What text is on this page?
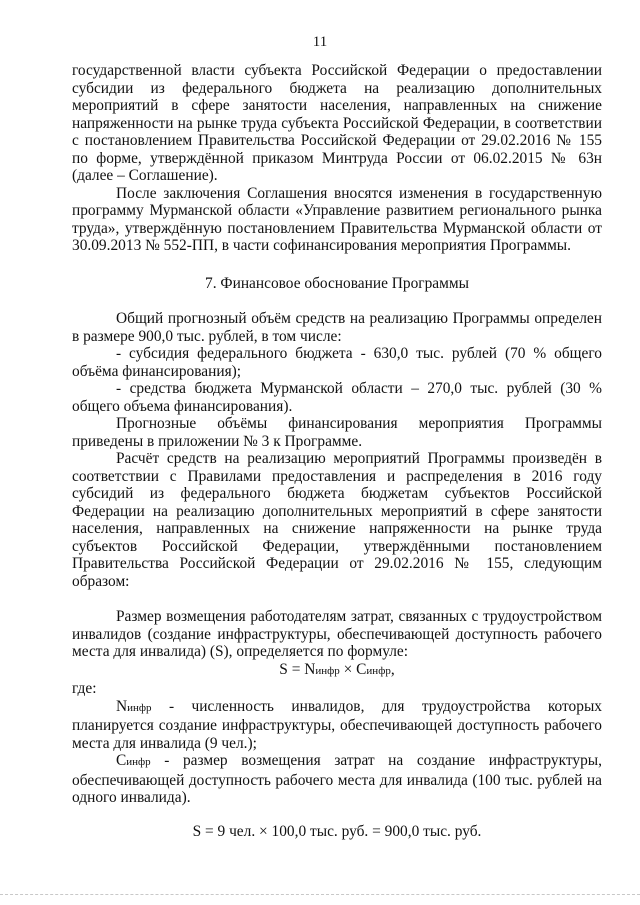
11

государственной власти субъекта Российской Федерации о предоставлении субсидии из федерального бюджета на реализацию дополнительных мероприятий в сфере занятости населения, направленных на снижение напряженности на рынке труда субъекта Российской Федерации, в соответствии с постановлением Правительства Российской Федерации от 29.02.2016 № 155 по форме, утверждённой приказом Минтруда России от 06.02.2015 № 63н (далее – Соглашение).

После заключения Соглашения вносятся изменения в государственную программу Мурманской области «Управление развитием регионального рынка труда», утверждённую постановлением Правительства Мурманской области от 30.09.2013 № 552-ПП, в части софинансирования мероприятия Программы.

7. Финансовое обоснование Программы

Общий прогнозный объём средств на реализацию Программы определен в размере 900,0 тыс. рублей, в том числе:

- субсидия федерального бюджета - 630,0 тыс. рублей (70 % общего объёма финансирования);

- средства бюджета Мурманской области – 270,0 тыс. рублей (30 % общего объема финансирования).

Прогнозные объёмы финансирования мероприятия Программы приведены в приложении № 3 к Программе.

Расчёт средств на реализацию мероприятий Программы произведён в соответствии с Правилами предоставления и распределения в 2016 году субсидий из федерального бюджета бюджетам субъектов Российской Федерации на реализацию дополнительных мероприятий в сфере занятости населения, направленных на снижение напряженности на рынке труда субъектов Российской Федерации, утверждёнными постановлением Правительства Российской Федерации от 29.02.2016 № 155, следующим образом:

Размер возмещения работодателям затрат, связанных с трудоустройством инвалидов (создание инфраструктуры, обеспечивающей доступность рабочего места для инвалида) (S), определяется по формуле:

S = Nинфр × Cинфр,

где:

Nинфр - численность инвалидов, для трудоустройства которых планируется создание инфраструктуры, обеспечивающей доступность рабочего места для инвалида (9 чел.);

Cинфр - размер возмещения затрат на создание инфраструктуры, обеспечивающей доступность рабочего места для инвалида (100 тыс. рублей на одного инвалида).

S = 9 чел. × 100,0 тыс. руб. = 900,0 тыс. руб.
